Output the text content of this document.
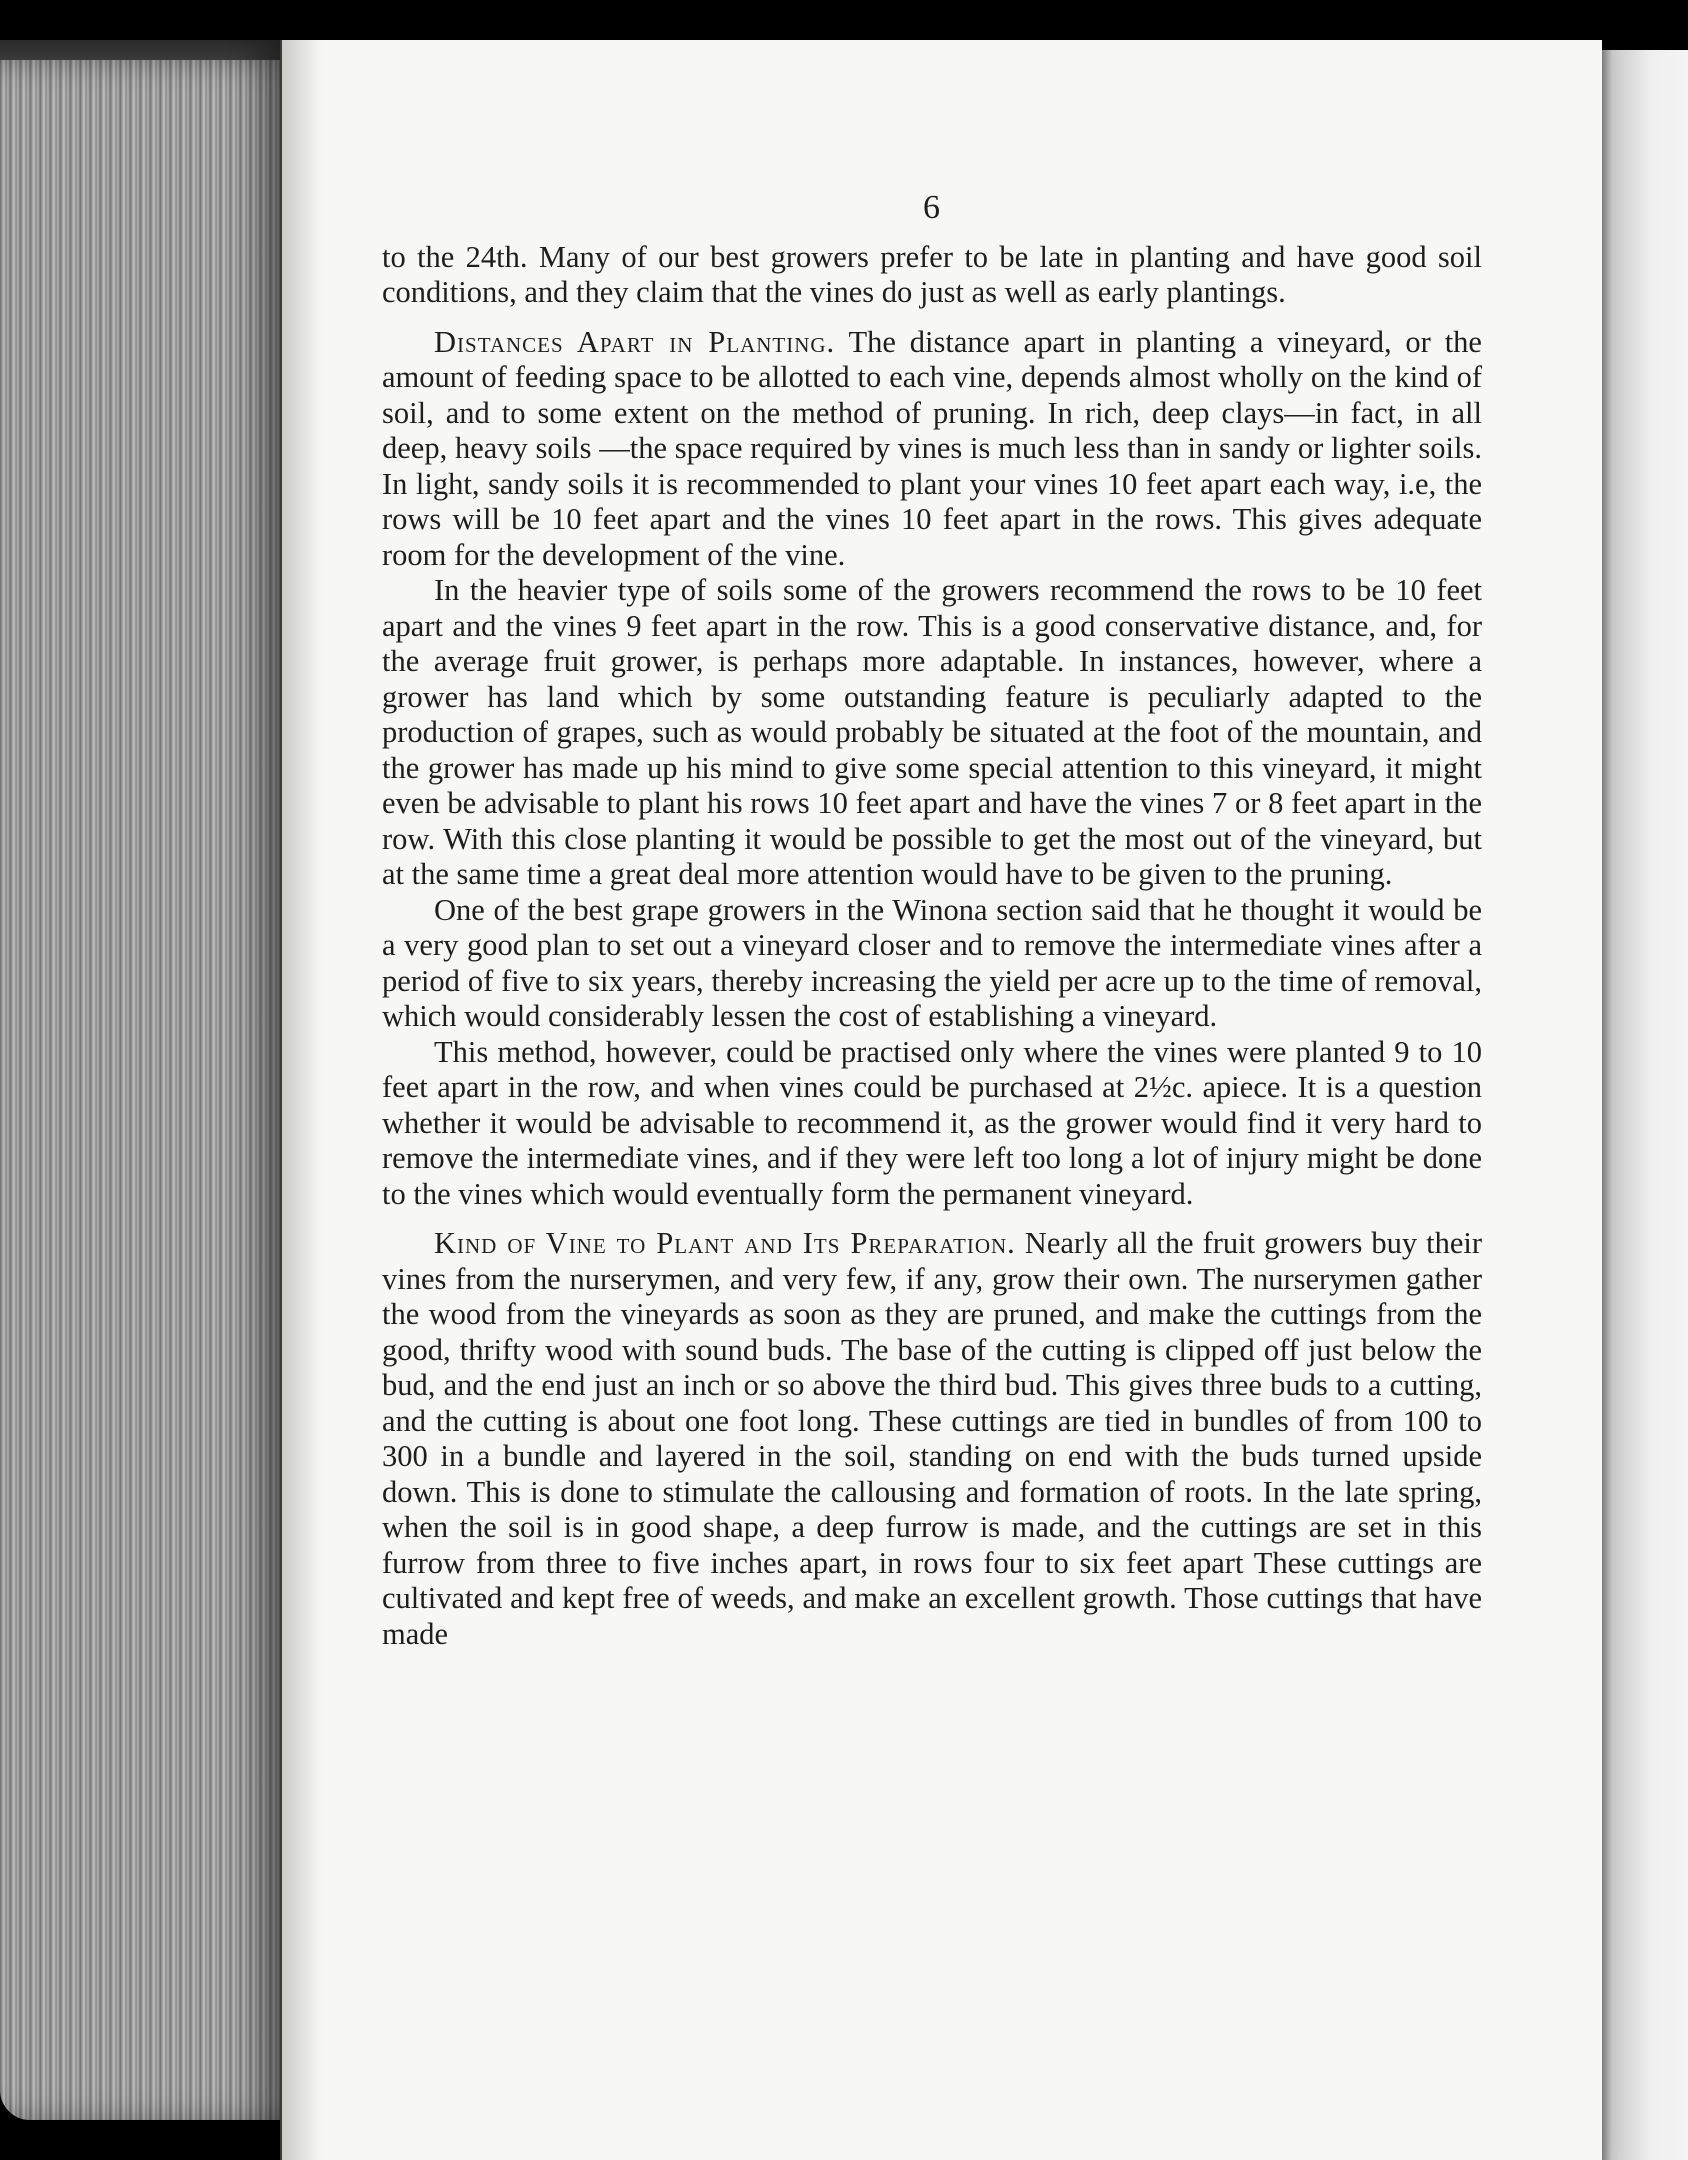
6

to the 24th. Many of our best growers prefer to be late in planting and have good soil conditions, and they claim that the vines do just as well as early plantings.

Distances Apart in Planting. The distance apart in planting a vineyard, or the amount of feeding space to be allotted to each vine, depends almost wholly on the kind of soil, and to some extent on the method of pruning. In rich, deep clays—in fact, in all deep, heavy soils —the space required by vines is much less than in sandy or lighter soils. In light, sandy soils it is recommended to plant your vines 10 feet apart each way, i.e, the rows will be 10 feet apart and the vines 10 feet apart in the rows. This gives adequate room for the development of the vine.

In the heavier type of soils some of the growers recommend the rows to be 10 feet apart and the vines 9 feet apart in the row. This is a good conservative distance, and, for the average fruit grower, is perhaps more adaptable. In instances, however, where a grower has land which by some outstanding feature is peculiarly adapted to the production of grapes, such as would probably be situated at the foot of the mountain, and the grower has made up his mind to give some special attention to this vineyard, it might even be advisable to plant his rows 10 feet apart and have the vines 7 or 8 feet apart in the row. With this close planting it would be possible to get the most out of the vineyard, but at the same time a great deal more attention would have to be given to the pruning.

One of the best grape growers in the Winona section said that he thought it would be a very good plan to set out a vineyard closer and to remove the intermediate vines after a period of five to six years, thereby increasing the yield per acre up to the time of removal, which would considerably lessen the cost of establishing a vineyard.

This method, however, could be practised only where the vines were planted 9 to 10 feet apart in the row, and when vines could be purchased at 2½c. apiece. It is a question whether it would be advisable to recommend it, as the grower would find it very hard to remove the intermediate vines, and if they were left too long a lot of injury might be done to the vines which would eventually form the permanent vineyard.

Kind of Vine to Plant and Its Preparation. Nearly all the fruit growers buy their vines from the nurserymen, and very few, if any, grow their own. The nurserymen gather the wood from the vineyards as soon as they are pruned, and make the cuttings from the good, thrifty wood with sound buds. The base of the cutting is clipped off just below the bud, and the end just an inch or so above the third bud. This gives three buds to a cutting, and the cutting is about one foot long. These cuttings are tied in bundles of from 100 to 300 in a bundle and layered in the soil, standing on end with the buds turned upside down. This is done to stimulate the callousing and formation of roots. In the late spring, when the soil is in good shape, a deep furrow is made, and the cuttings are set in this furrow from three to five inches apart, in rows four to six feet apart These cuttings are cultivated and kept free of weeds, and make an excellent growth. Those cuttings that have made
